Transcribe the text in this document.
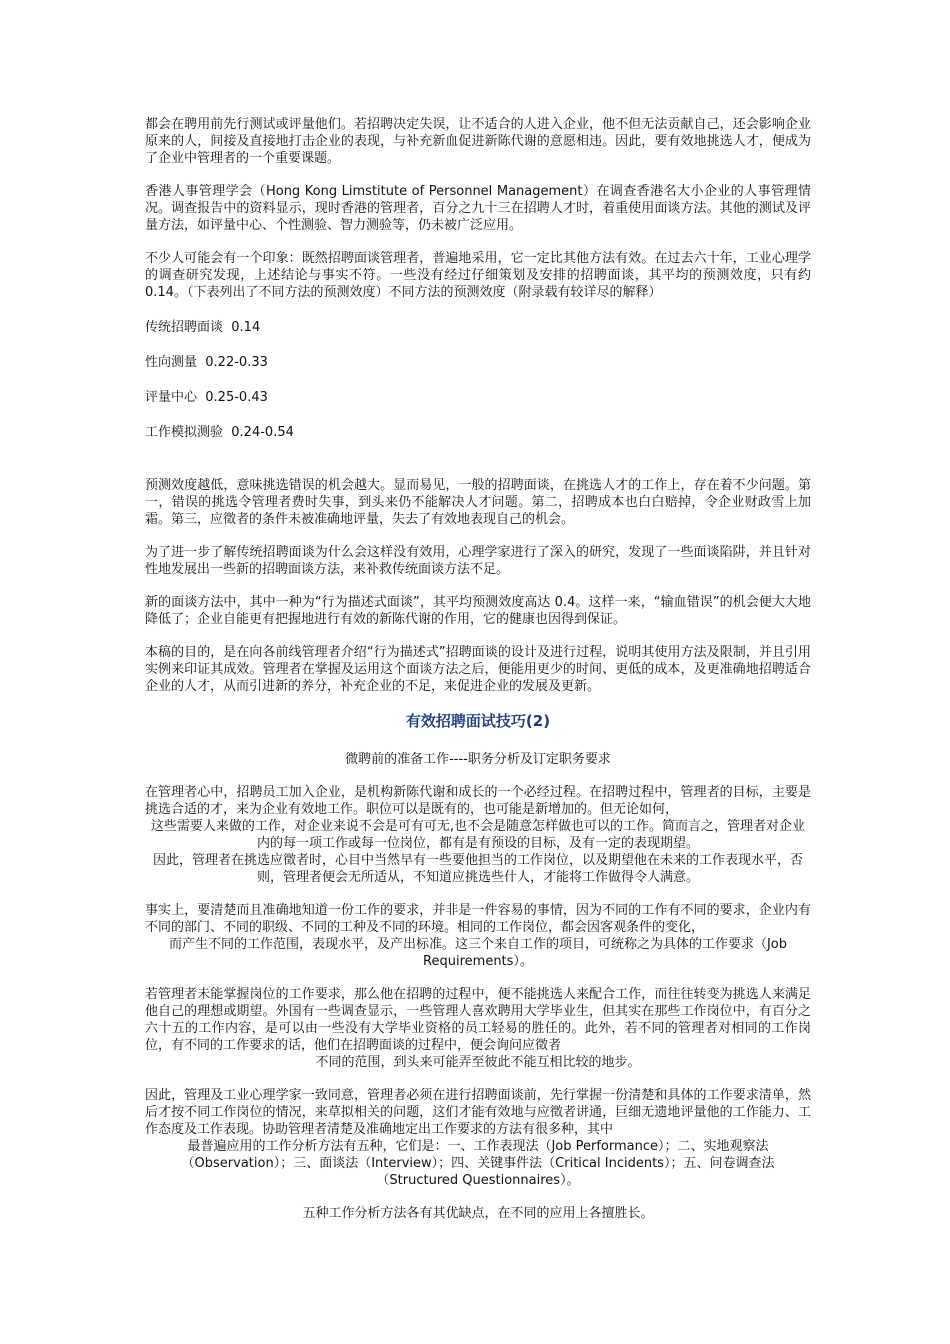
都会在聘用前先行测试或评量他们。若招聘决定失误，让不适合的人进入企业，他不但无法贡献自己，还会影响企业原来的人，间接及直接地打击企业的表现，与补充新血促进新陈代谢的意愿相违。因此，要有效地挑选人才，便成为了企业中管理者的一个重要课题。

香港人事管理学会（Hong Kong Limstitute of Personnel Management）在调查香港名大小企业的人事管理情况。调查报告中的资料显示，现时香港的管理者，百分之九十三在招聘人才时，着重使用面谈方法。其他的测试及评量方法，如评量中心、个性测验、智力测验等，仍未被广泛应用。

不少人可能会有一个印象：既然招聘面谈管理者，普遍地采用，它一定比其他方法有效。在过去六十年，工业心理学的调查研究发现，上述结论与事实不符。一些没有经过仔细策划及安排的招聘面谈，其平均的预测效度，只有约 0.14。（下表列出了不同方法的预测效度）不同方法的预测效度（附录载有较详尽的解释）

传统招聘面谈 0.14

性向测量 0.22-0.33

评量中心 0.25-0.43

工作模拟测验 0.24-0.54

预测效度越低，意味挑选错误的机会越大。显而易见，一般的招聘面谈，在挑选人才的工作上，存在着不少问题。第一，错误的挑选令管理者费时失事，到头来仍不能解决人才问题。第二，招聘成本也白白赔掉，令企业财政雪上加霜。第三，应徵者的条件未被准确地评量，失去了有效地表现自己的机会。

为了进一步了解传统招聘面谈为什么会这样没有效用，心理学家进行了深入的研究，发现了一些面谈陷阱，并且针对性地发展出一些新的招聘面谈方法，来补救传统面谈方法不足。

新的面谈方法中，其中一种为“行为描述式面谈”，其平均预测效度高达 0.4。这样一来，“输血错误”的机会便大大地降低了；企业自能更有把握地进行有效的新陈代谢的作用，它的健康也因得到保证。

本稿的目的，是在向各前线管理者介绍“行为描述式”招聘面谈的设计及进行过程，说明其使用方法及限制，并且引用实例来印证其成效。管理者在掌握及运用这个面谈方法之后，便能用更少的时间、更低的成本，及更准确地招聘适合企业的人才，从而引进新的养分，补充企业的不足，来促进企业的发展及更新。

有效招聘面试技巧(2)

微聘前的准备工作----职务分析及订定职务要求

在管理者心中，招聘员工加入企业，是机构新陈代谢和成长的一个必经过程。在招聘过程中，管理者的目标，主要是挑选合适的才，来为企业有效地工作。职位可以是既有的，也可能是新增加的。但无论如何，

这些需要人来做的工作，对企业来说不会是可有可无,也不会是随意怎样做也可以的工作。简而言之，管理者对企业内的每一项工作或每一位岗位，都有是有预设的目标，及有一定的表现期望。

因此，管理者在挑选应徵者时，心目中当然早有一些要他担当的工作岗位，以及期望他在未来的工作表现水平，否则，管理者便会无所适从，不知道应挑选些什人，才能将工作做得令人满意。

事实上，要清楚而且准确地知道一份工作的要求，并非是一件容易的事情，因为不同的工作有不同的要求，企业内有不同的部门、不同的职级、不同的工种及不同的环境。相同的工作岗位，都会因客观条件的变化，

而产生不同的工作范围，表现水平，及产出标准。这三个来自工作的项目，可统称之为具体的工作要求（Job Requirements）。

若管理者未能掌握岗位的工作要求，那么他在招聘的过程中，便不能挑选人来配合工作，而往往转变为挑选人来满足他自己的理想或期望。外国有一些调查显示，一些管理人喜欢聘用大学毕业生，但其实在那些工作岗位中，有百分之六十五的工作内容，是可以由一些没有大学毕业资格的员工轻易的胜任的。此外，若不同的管理者对相同的工作岗位，有不同的工作要求的话，他们在招聘面谈的过程中，便会询问应徵者

不同的范围，到头来可能弄至彼此不能互相比较的地步。

因此，管理及工业心理学家一致同意，管理者必须在进行招聘面谈前，先行掌握一份清楚和具体的工作要求清单，然后才按不同工作岗位的情况，来草拟相关的问题，这们才能有效地与应徵者讲通，巨细无遗地评量他的工作能力、工作态度及工作表现。协助管理者清楚及准确地定出工作要求的方法有很多种，其中

最普遍应用的工作分析方法有五种，它们是：一、工作表现法（Job Performance）；二、实地观察法（Observation）；三、面谈法（Interview）；四、关键事件法（Critical Incidents）；五、问卷调查法（Structured Questionnaires）。

五种工作分析方法各有其优缺点，在不同的应用上各擅胜长。
